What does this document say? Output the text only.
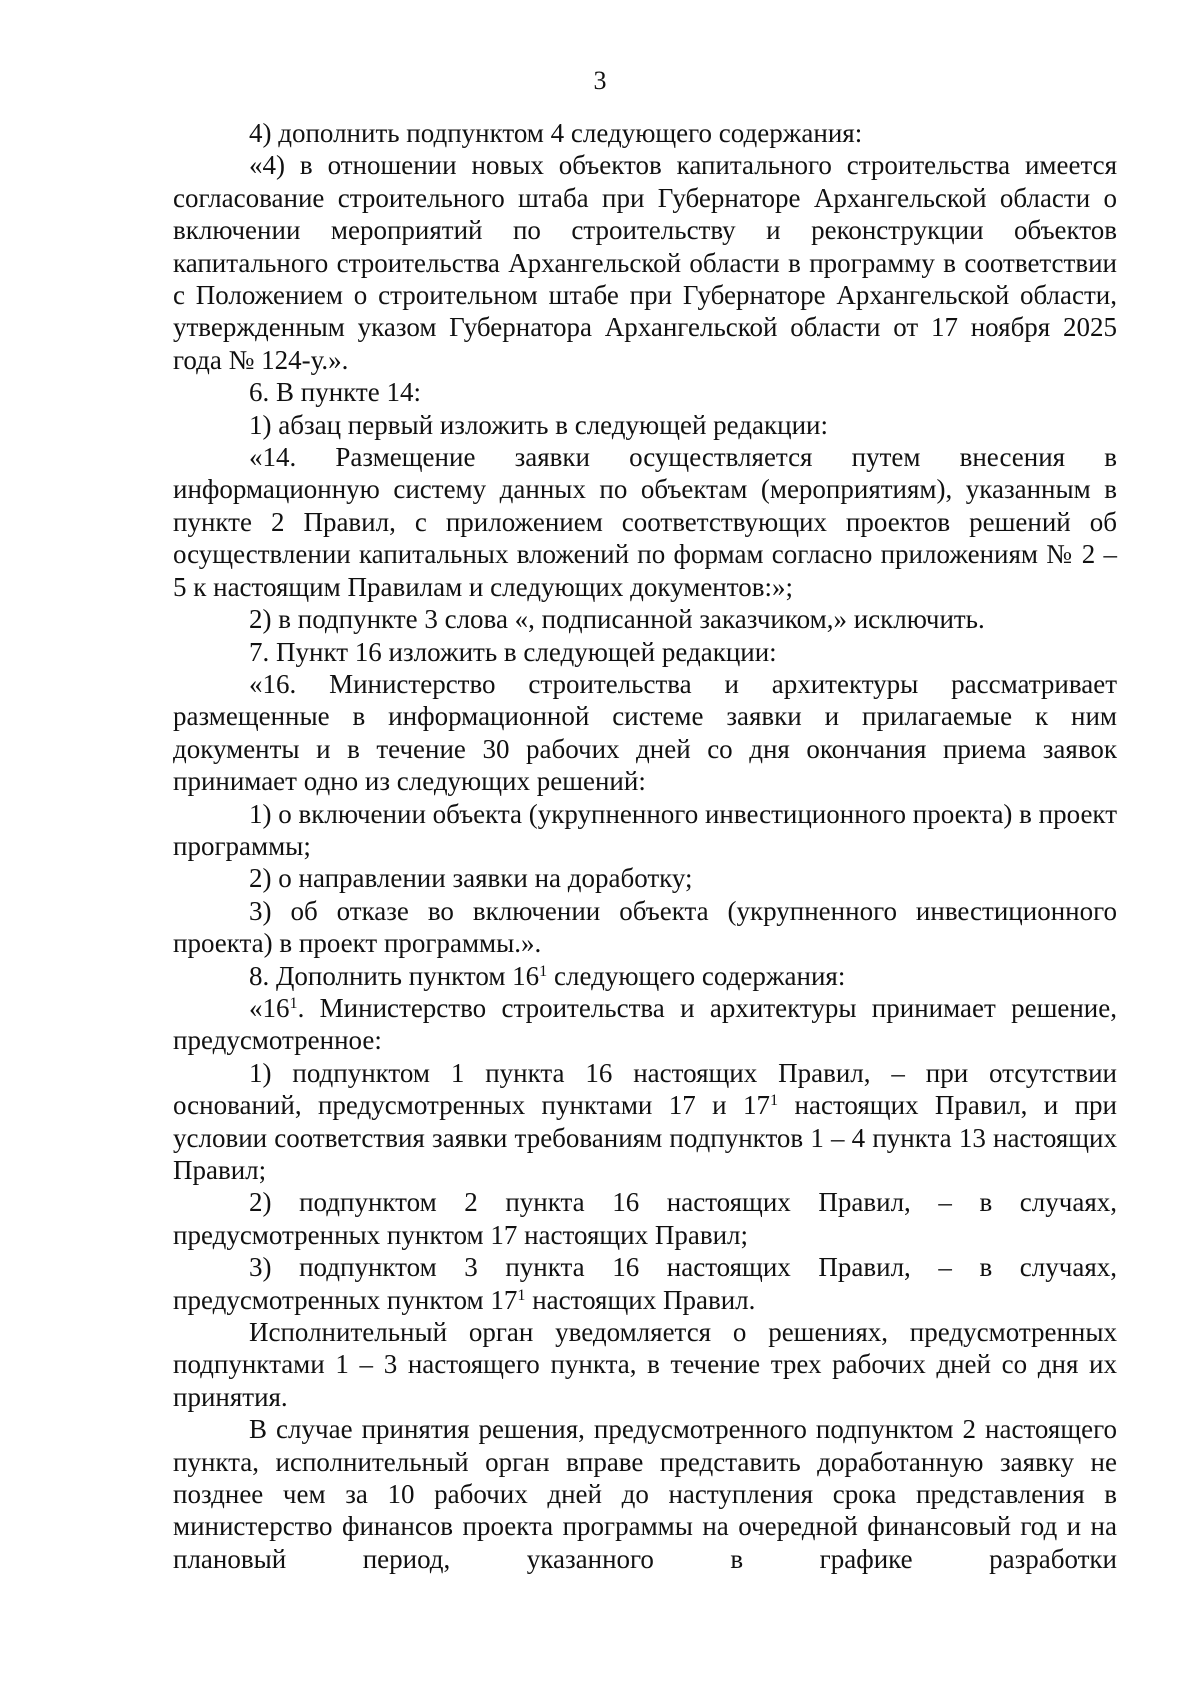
3

4) дополнить подпунктом 4 следующего содержания:

«4) в отношении новых объектов капитального строительства имеется согласование строительного штаба при Губернаторе Архангельской области о включении мероприятий по строительству и реконструкции объектов капитального строительства Архангельской области в программу в соответствии с Положением о строительном штабе при Губернаторе Архангельской области, утвержденным указом Губернатора Архангельской области от 17 ноября 2025 года № 124-у.».

6. В пункте 14:

1) абзац первый изложить в следующей редакции:

«14. Размещение заявки осуществляется путем внесения в информационную систему данных по объектам (мероприятиям), указанным в пункте 2 Правил, с приложением соответствующих проектов решений об осуществлении капитальных вложений по формам согласно приложениям № 2 – 5 к настоящим Правилам и следующих документов:»;

2) в подпункте 3 слова «, подписанной заказчиком,» исключить.

7. Пункт 16 изложить в следующей редакции:

«16. Министерство строительства и архитектуры рассматривает размещенные в информационной системе заявки и прилагаемые к ним документы и в течение 30 рабочих дней со дня окончания приема заявок принимает одно из следующих решений:

1) о включении объекта (укрупненного инвестиционного проекта) в проект программы;

2) о направлении заявки на доработку;

3) об отказе во включении объекта (укрупненного инвестиционного проекта) в проект программы.».

8. Дополнить пунктом $16^1$ следующего содержания:

«$16^1$. Министерство строительства и архитектуры принимает решение, предусмотренное:

1) подпунктом 1 пункта 16 настоящих Правил, – при отсутствии оснований, предусмотренных пунктами 17 и $17^1$ настоящих Правил, и при условии соответствия заявки требованиям подпунктов 1 – 4 пункта 13 настоящих Правил;

2) подпунктом 2 пункта 16 настоящих Правил, – в случаях, предусмотренных пунктом 17 настоящих Правил;

3) подпунктом 3 пункта 16 настоящих Правил, – в случаях, предусмотренных пунктом $17^1$ настоящих Правил.

Исполнительный орган уведомляется о решениях, предусмотренных подпунктами 1 – 3 настоящего пункта, в течение трех рабочих дней со дня их принятия.

В случае принятия решения, предусмотренного подпунктом 2 настоящего пункта, исполнительный орган вправе представить доработанную заявку не позднее чем за 10 рабочих дней до наступления срока представления в министерство финансов проекта программы на очередной финансовый год и на плановый период, указанного в графике разработки
